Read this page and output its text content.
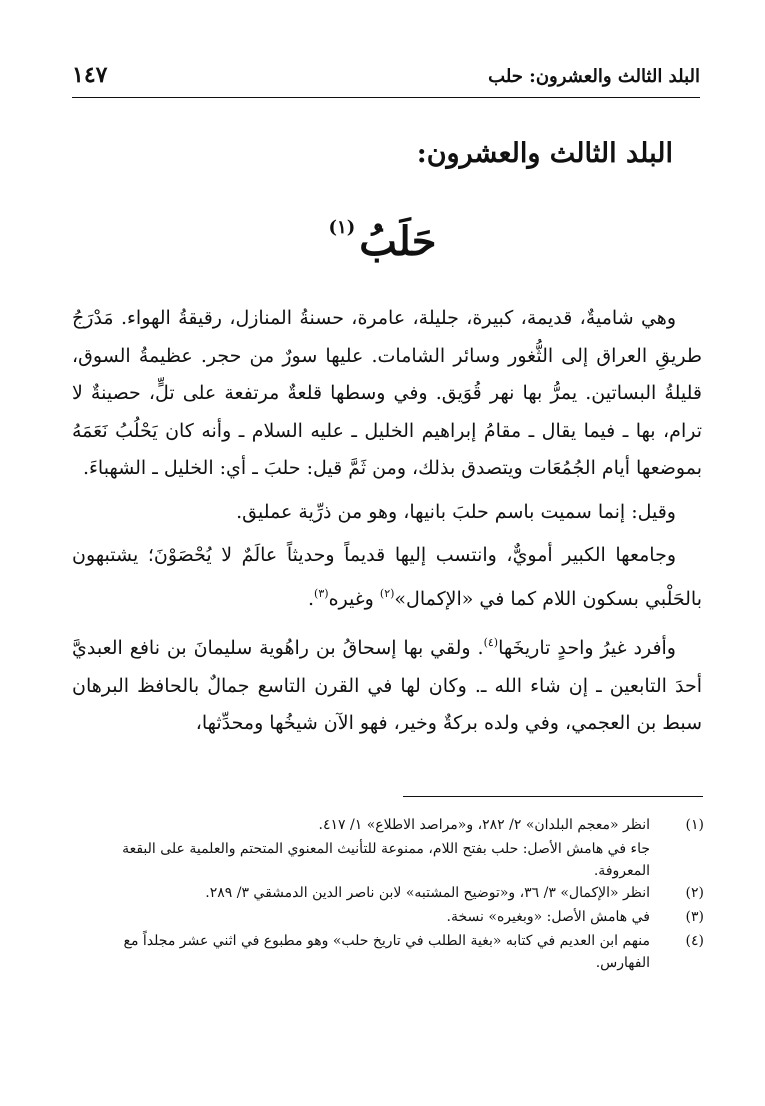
البلد الثالث والعشرون: حلب
١٤٧
البلد الثالث والعشرون:
حَلَبُ$^{(١)}$

وهي شاميةٌ، قديمة، كبيرة، جليلة، عامرة، حسنةُ المنازل، رقيقةُ الهواء. مَدْرَجُ طريقِ العراق إلى الثُّغور وسائر الشامات. عليها سورٌ من حجر. عظيمةُ السوق، قليلةُ البساتين. يمرُّ بها نهر قُوَيق. وفي وسطها قلعةٌ مرتفعة على تلٍّ، حصينةٌ لا ترام، بها ـ فيما يقال ـ مقامُ إبراهيم الخليل ـ عليه السلام ـ وأنه كان يَحْلُبُ نَعَمَهُ بموضعها أيام الجُمُعَات ويتصدق بذلك، ومن ثَمَّ قيل: حلبَ ـ أي: الخليل ـ الشهباءَ.

وقيل: إنما سميت باسم حلبَ بانيها، وهو من ذرِّية عمليق.

وجامعها الكبير أمويٌّ، وانتسب إليها قديماً وحديثاً عالَمٌ لا يُحْصَوْنَ؛ يشتبهون بالحَلْبي بسكون اللام كما في «الإكمال»$^{(٢)}$ وغيره$^{(٣)}$.

وأفرد غيرُ واحدٍ تاريخَها$^{(٤)}$. ولقي بها إسحاقُ بن راهُوية سليمانَ بن نافع العبديَّ أحدَ التابعين ـ إن شاء الله ـ. وكان لها في القرن التاسع جمالٌ بالحافظ البرهان سبط بن العجمي، وفي ولده بركةٌ وخير، فهو الآن شيخُها ومحدِّثها،

(١)
انظر «معجم البلدان» ٢/ ٢٨٢، و«مراصد الاطلاع» ١/ ٤١٧.
جاء في هامش الأصل: حلب بفتح اللام، ممنوعة للتأنيث المعنوي المتحتم والعلمية على البقعة المعروفة.
(٢)
انظر «الإكمال» ٣/ ٣٦، و«توضيح المشتبه» لابن ناصر الدين الدمشقي ٣/ ٢٨٩.
(٣)
في هامش الأصل: «وبغيره» نسخة.
(٤)
منهم ابن العديم في كتابه «بغية الطلب في تاريخ حلب» وهو مطبوع في اثني عشر مجلداً مع الفهارس.
